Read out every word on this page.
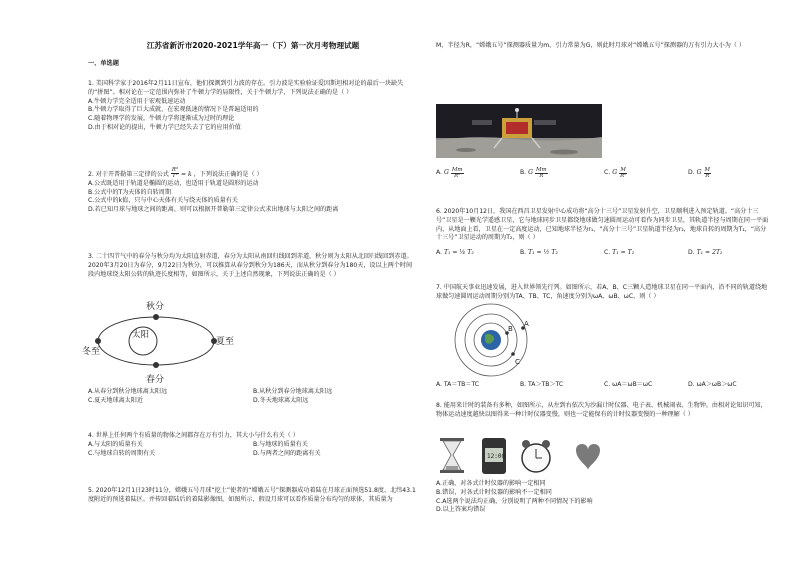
江苏省新沂市2020-2021学年高一（下）第一次月考物理试题
一、单选题
1. 美国科学家于2016年2月11日宣布，他们探测到引力波的存在。引力波是实验验证爱因斯坦相对论的最后一块缺失的“拼图”。相对论在一定范围内弥补了牛顿力学的局限性，关于牛顿力学，下列说法正确的是（ ）
A.牛顿力学完全适用于宏观低速运动
B.牛顿力学取得了巨大成就，在宏观低速的情况下是普遍适用的
C.随着物理学的发展，牛顿力学将逐渐成为过时的理论
D.由于相对论的提出，牛顿力学已经失去了它的应用价值
2. 对于开普勒第三定律的公式 $\frac{\text{R³}}{\text{T²}} = k$ ，下列说法正确的是（ ）
A.公式既适用于轨道是椭圆的运动，也适用于轨道是圆形的运动
B.公式中的T为天体的自转周期
C.公式中的k值，只与中心天体有关与绕天体的质量有关
D.若已知月球与地球之间的距离，则可以根据开普勒第三定律公式求出地球与太阳之间的距离
3. 二十四节气中的春分与秋分均为太阳直射赤道，春分为太阳从南回归线回到赤道，秋分则为太阳从北回归线回到赤道。2020年3月20日为春分，9月22日为秋分，可以推算从春分到秋分为186天，而从秋分到春分为180天，设以上两个时间段内地球绕太阳公转的轨迹长度相等，如图所示，关于上述自然现象，下列说法正确的是（ ）
秋分
太阳
冬至
夏至
春分
A.从春分到秋分地球离太阳远	B.从秋分到春分地球离太阳远
C.夏天地球离太阳近	D.冬天地球离太阳远
4. 世界上任何两个有质量的物体之间都存在万有引力，其大小与什么有关（ ）
A.与太阳的质量有关	B.与地球的质量有关
C.与地球自转的周期有关	D.与两者之间的距离有关
5. 2020年12月1日23时11分，嫦娥五号月球“挖土”使者的“嫦娥五号”探测器成功着陆在月球正面预选51.8度、北纬43.1度附近的预选着陆区。并传回着陆后的着陆影像图。如图所示，假设月球可以看作质量分布均匀的球体，其质量为
M，半径为R，“嫦娥五号”探测器质量为m，引力常量为G，则此时月球对“嫦娥五号”探测器的万有引力大小为（ ）
A. G $\frac{Mm}{\text{R²}}$	B. G $\frac{Mm}{R}$	C. G $\frac{M}{\text{R²}}$	D. G $\frac{M}{R}$
6. 2020年10月12日，我国在西昌卫星发射中心成功将“高分十三号”卫星发射升空，卫星顺利进入预定轨道。“高分十三号”卫星是一颗光学遥感卫星，它与地球同步卫星都绕地球做匀速圆周运动可看作为同步卫星，其轨道半径与周期在同一平面内，从地面上看，卫星在一定高度运动，已知地球半径为r₁，“高分十三号”卫星轨道半径为r₂，地球自转的周期为T₁，“高分十三号”卫星运动的周期为T₂，则（ ）
A. T₁ = ¼ T₂	B. T₁ = ½ T₂	C. T₁ = T₂	D. T₁ = 2T₂
7. 中国航天事业迅速发展，进入世界领先行列。如图所示，若A、B、C三颗人造地球卫星在同一平面内，沿不同的轨道绕地球做匀速圆周运动周期分别为TA、TB、TC，角速度分别为ωA、ωB、ωC，则（ ）
A
B
C
A. TA＝TB＝TC	B. TA＞TB＞TC	C. ωA＝ωB＝ωC	D. ωA＞ωB＞ωC
8. 能用来计时的装备有多种，如图所示，从左到右依次为沙漏计时仪器、电子表、机械闹表、生物钟。由相对论知识可知，物体运动速度越快以图得来一种计时仪器变慢，则也一定能保有的计时仪器变慢的一种理解（ ）
12:00
A.正确，对各式计时仪器的影响一定相同
B.错误，对各式计时仪器的影响不一定相同
C.A选两个说法均正确，分别说明了两种不同情况下的影响
D.以上答案均错误
